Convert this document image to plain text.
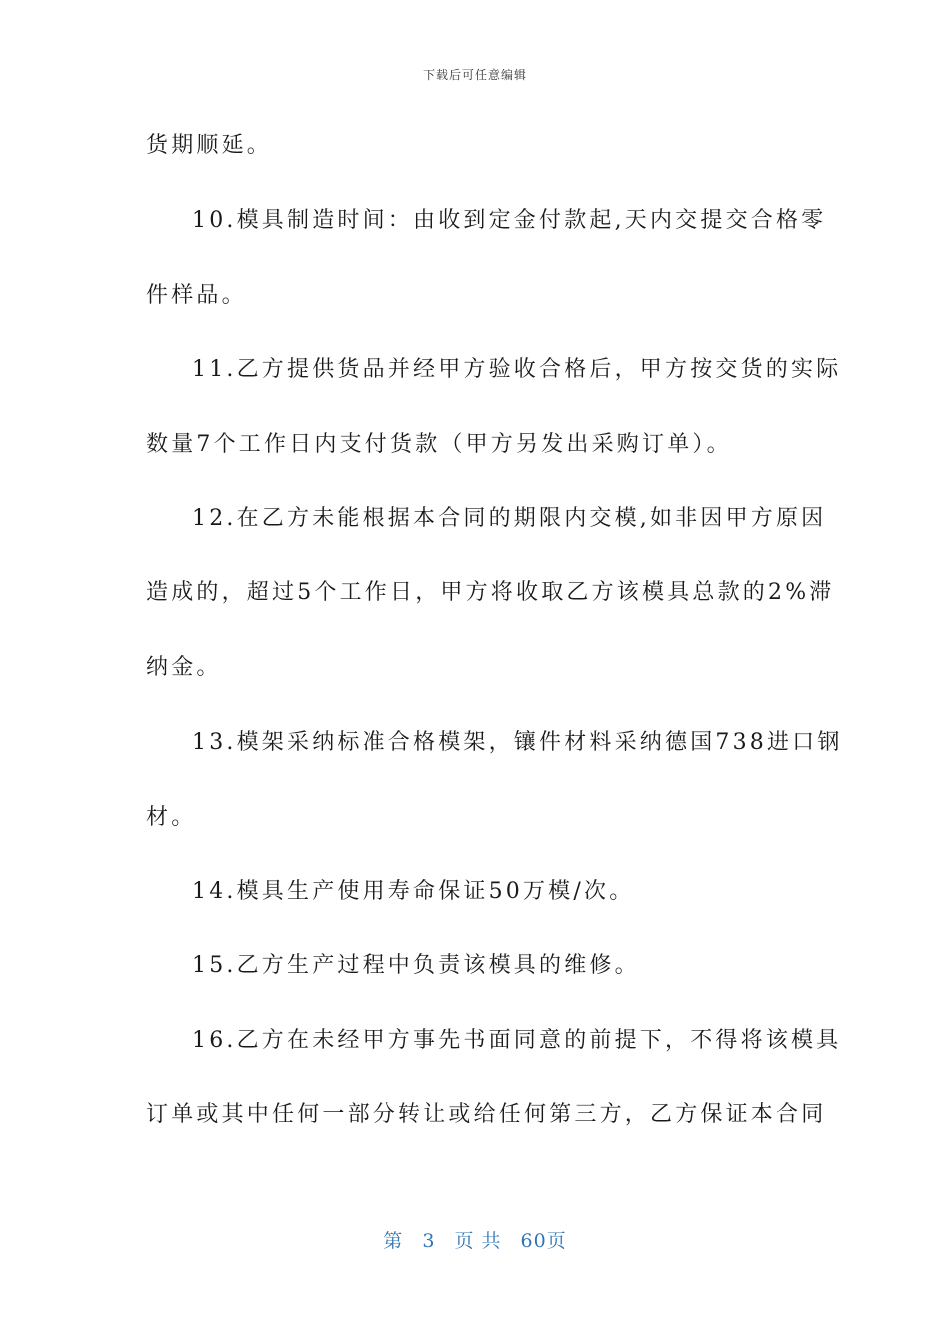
下载后可任意编辑
货期顺延。
10.模具制造时间：由收到定金付款起,天内交提交合格零
件样品。
11.乙方提供货品并经甲方验收合格后，甲方按交货的实际
数量7个工作日内支付货款（甲方另发出采购订单）。
12.在乙方未能根据本合同的期限内交模,如非因甲方原因
造成的，超过5个工作日，甲方将收取乙方该模具总款的2%滞
纳金。
13.模架采纳标准合格模架，镶件材料采纳德国738进口钢
材。
14.模具生产使用寿命保证50万模/次。
15.乙方生产过程中负责该模具的维修。
16.乙方在未经甲方事先书面同意的前提下，不得将该模具
订单或其中任何一部分转让或给任何第三方，乙方保证本合同
第 3 页 共 60页
